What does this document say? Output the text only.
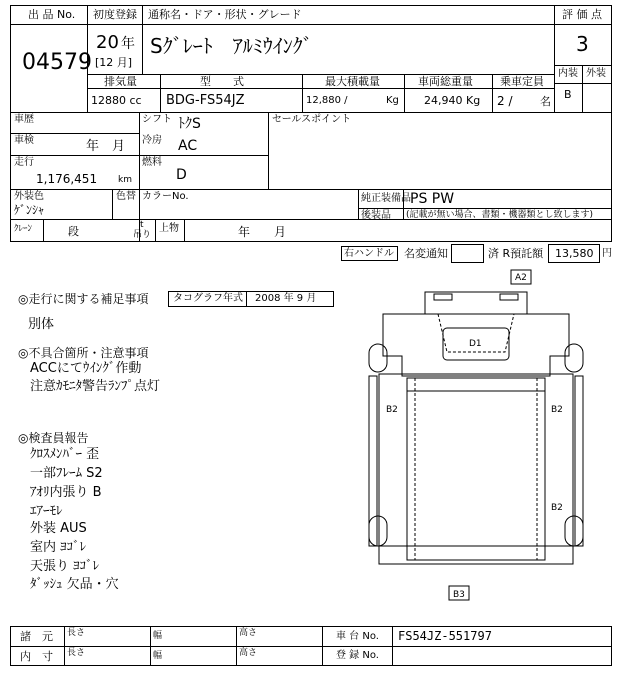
出 品 No.
04579
初度登録
20 年
[12 月]
通称名・ドア・形状・グレード
Sｸﾞﾚｰﾄ　ｱﾙﾐｳｲﾝｸﾞ
評 価 点
3
内装 外装
B
排気量
12880 cc
型　　式
BDG-FS54JZ
最大積載量
12,880 /	Kg
車両総重量
24,940 Kg
乗車定員
2 /	名
車歴
車検	年　月
走行
1,176,451 km
シフト ﾄｸS
冷房 AC
燃料
D
セールスポイント
外装色
ｹﾞﾝｼｬ
色替 カラーNo.	純正装備品 PS PW
後装品 (記載が無い場合、書類・機器類とし致します)
ｸﾚｰﾝ	段	t
吊り
上物	年　　月
右ハンドル 名変通知	済 R預託額 13,580 円
◎走行に関する補足事項 タコグラフ年式 2008 年 9 月
別体
◎不具合箇所・注意事項
ACCにてｳｲﾝｸﾞ作動
注意ｶﾓﾆﾀ警告ﾗﾝﾌﾟ点灯
◎検査員報告
ｸﾛｽﾒﾝﾊﾞｰ 歪
一部ﾌﾚｰﾑ S2
ｱｵﾘ内張り B
ｴｱｰﾓﾚ
外装 AUS
室内 ﾖｺﾞﾚ
天張り ﾖｺﾞﾚ
ﾀﾞｯｼｭ 欠品・穴
A2
D1
B2	B2
B2
B3
諸　元 長さ	幅	高さ
内　寸 長さ	幅	高さ
車 台 No. FS54JZ-551797
登 録 No.
